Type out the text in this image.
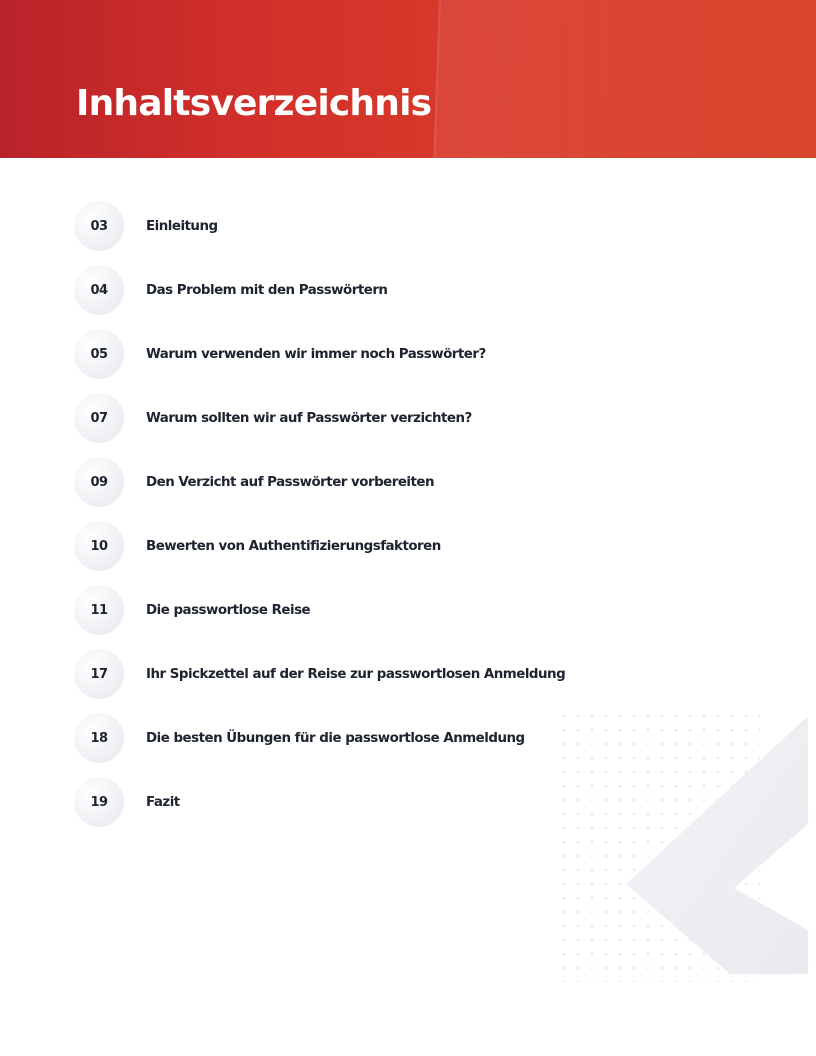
Inhaltsverzeichnis
03	Einleitung
04	Das Problem mit den Passwörtern
05	Warum verwenden wir immer noch Passwörter?
07	Warum sollten wir auf Passwörter verzichten?
09	Den Verzicht auf Passwörter vorbereiten
10	Bewerten von Authentifizierungsfaktoren
11	Die passwortlose Reise
17	Ihr Spickzettel auf der Reise zur passwortlosen Anmeldung
18	Die besten Übungen für die passwortlose Anmeldung
19	Fazit
